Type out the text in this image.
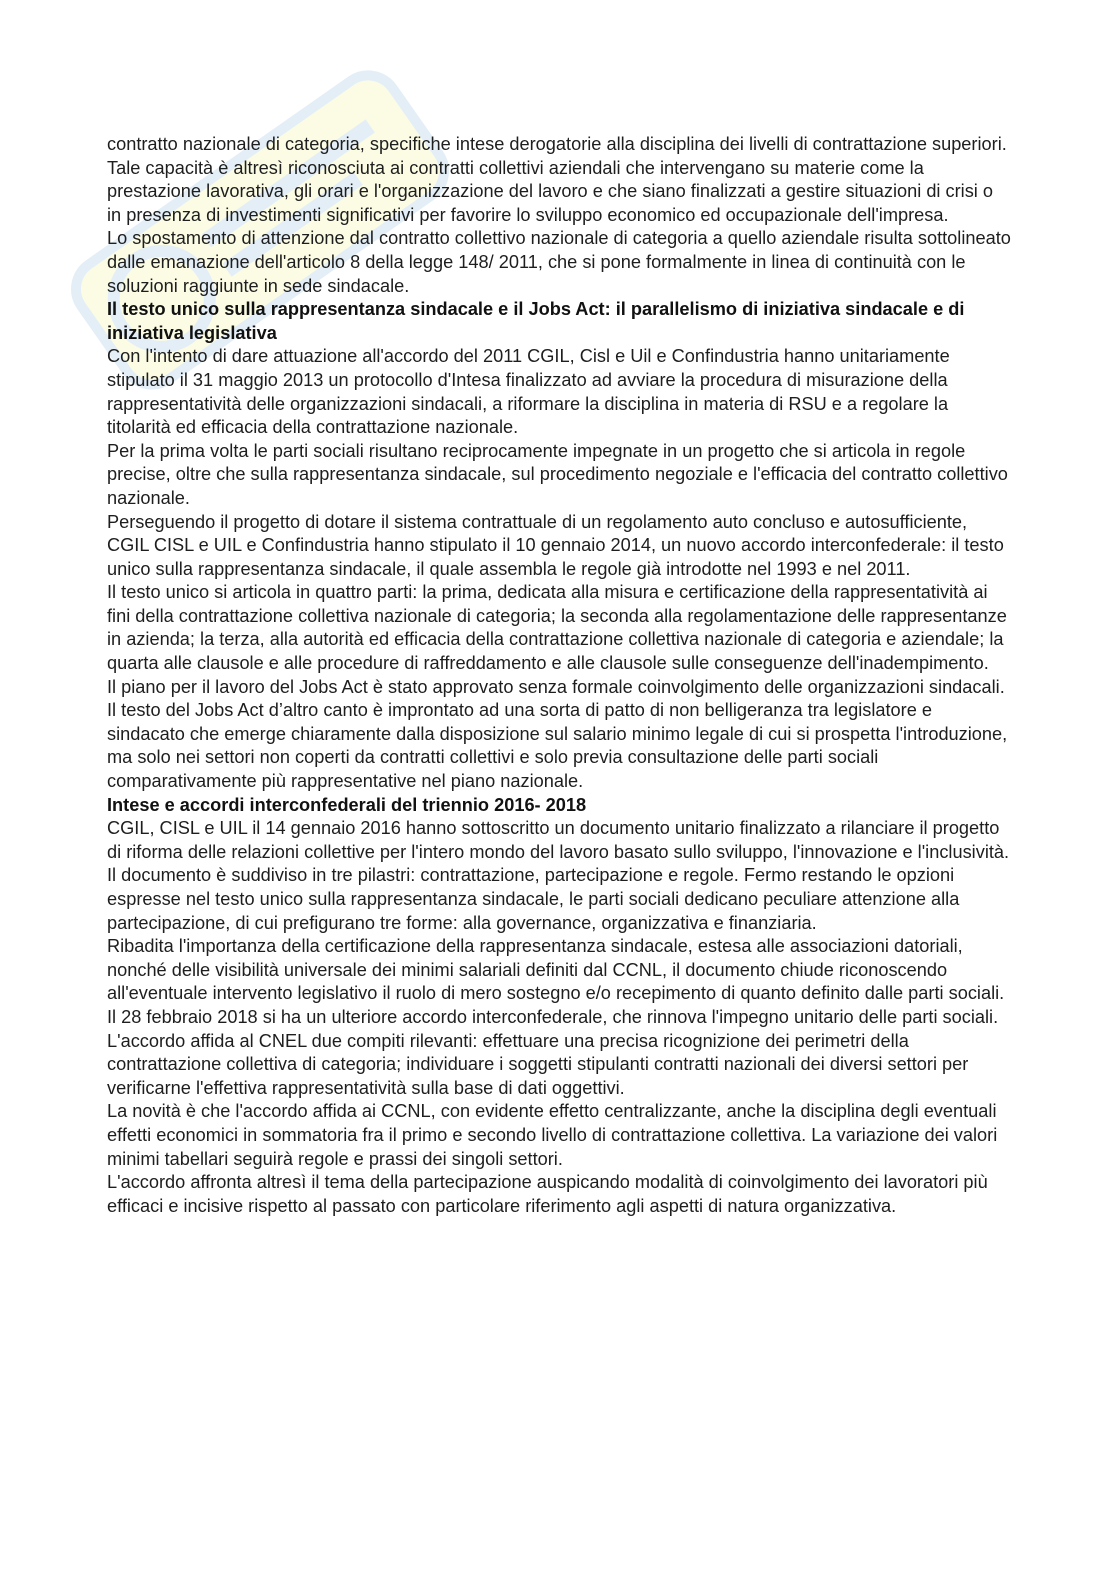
contratto nazionale di categoria, specifiche intese derogatorie alla disciplina dei livelli di contrattazione superiori.

Tale capacità è altresì riconosciuta ai contratti collettivi aziendali che intervengano su materie come la prestazione lavorativa, gli orari e l'organizzazione del lavoro e che siano finalizzati a gestire situazioni di crisi o in presenza di investimenti significativi per favorire lo sviluppo economico ed occupazionale dell'impresa.

Lo spostamento di attenzione dal contratto collettivo nazionale di categoria a quello aziendale risulta sottolineato dalle emanazione dell'articolo 8 della legge 148/ 2011, che si pone formalmente in linea di continuità con le soluzioni raggiunte in sede sindacale.

Il testo unico sulla rappresentanza sindacale e il Jobs Act: il parallelismo di iniziativa sindacale e di iniziativa legislativa

Con l'intento di dare attuazione all'accordo del 2011 CGIL, Cisl e Uil e Confindustria hanno unitariamente stipulato il 31 maggio 2013 un protocollo d'Intesa finalizzato ad avviare la procedura di misurazione della rappresentatività delle organizzazioni sindacali, a riformare la disciplina in materia di RSU e a regolare la titolarità ed efficacia della contrattazione nazionale.

Per la prima volta le parti sociali risultano reciprocamente impegnate in un progetto che si articola in regole precise, oltre che sulla rappresentanza sindacale, sul procedimento negoziale e l'efficacia del contratto collettivo nazionale.

Perseguendo il progetto di dotare il sistema contrattuale di un regolamento auto concluso e autosufficiente, CGIL CISL e UIL e Confindustria hanno stipulato il 10 gennaio 2014, un nuovo accordo interconfederale: il testo unico sulla rappresentanza sindacale, il quale assembla le regole già introdotte nel 1993 e nel 2011.

Il testo unico si articola in quattro parti: la prima, dedicata alla misura e certificazione della rappresentatività ai fini della contrattazione collettiva nazionale di categoria; la seconda alla regolamentazione delle rappresentanze in azienda; la terza, alla autorità ed efficacia della contrattazione collettiva nazionale di categoria e aziendale; la quarta alle clausole e alle procedure di raffreddamento e alle clausole sulle conseguenze dell'inadempimento.

Il piano per il lavoro del Jobs Act è stato approvato senza formale coinvolgimento delle organizzazioni sindacali. Il testo del Jobs Act d’altro canto è improntato ad una sorta di patto di non belligeranza tra legislatore e sindacato che emerge chiaramente dalla disposizione sul salario minimo legale di cui si prospetta l'introduzione, ma solo nei settori non coperti da contratti collettivi e solo previa consultazione delle parti sociali comparativamente più rappresentative nel piano nazionale.

Intese e accordi interconfederali del triennio 2016- 2018

CGIL, CISL e UIL il 14 gennaio 2016 hanno sottoscritto un documento unitario finalizzato a rilanciare il progetto di riforma delle relazioni collettive per l'intero mondo del lavoro basato sullo sviluppo, l'innovazione e l'inclusività.

Il documento è suddiviso in tre pilastri: contrattazione, partecipazione e regole. Fermo restando le opzioni espresse nel testo unico sulla rappresentanza sindacale, le parti sociali dedicano peculiare attenzione alla partecipazione, di cui prefigurano tre forme: alla governance, organizzativa e finanziaria.

Ribadita l'importanza della certificazione della rappresentanza sindacale, estesa alle associazioni datoriali, nonché delle visibilità universale dei minimi salariali definiti dal CCNL, il documento chiude riconoscendo all'eventuale intervento legislativo il ruolo di mero sostegno e/o recepimento di quanto definito dalle parti sociali.

Il 28 febbraio 2018 si ha un ulteriore accordo interconfederale, che rinnova l'impegno unitario delle parti sociali. L'accordo affida al CNEL due compiti rilevanti: effettuare una precisa ricognizione dei perimetri della contrattazione collettiva di categoria; individuare i soggetti stipulanti contratti nazionali dei diversi settori per verificarne l'effettiva rappresentatività sulla base di dati oggettivi.

La novità è che l'accordo affida ai CCNL, con evidente effetto centralizzante, anche la disciplina degli eventuali effetti economici in sommatoria fra il primo e secondo livello di contrattazione collettiva. La variazione dei valori minimi tabellari seguirà regole e prassi dei singoli settori.

L'accordo affronta altresì il tema della partecipazione auspicando modalità di coinvolgimento dei lavoratori più efficaci e incisive rispetto al passato con particolare riferimento agli aspetti di natura organizzativa.
